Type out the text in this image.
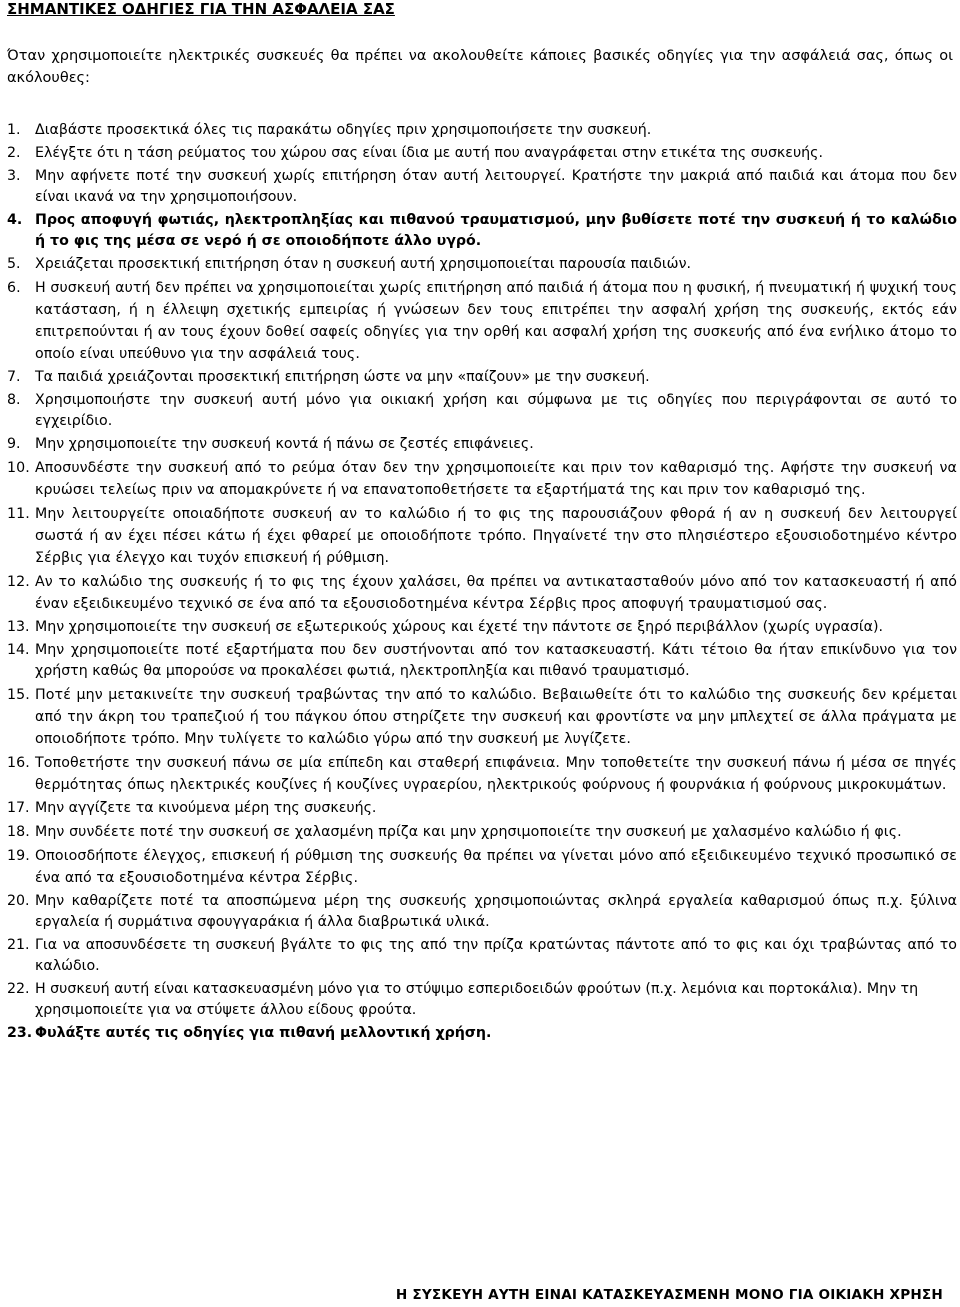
ΣΗΜΑΝΤΙΚΕΣ ΟΔΗΓΙΕΣ ΓΙΑ ΤΗΝ ΑΣΦΑΛΕΙΑ ΣΑΣ
Όταν χρησιμοποιείτε ηλεκτρικές συσκευές θα πρέπει να ακολουθείτε κάποιες βασικές οδηγίες για την ασφάλειά σας, όπως οι ακόλουθες:
1. Διαβάστε προσεκτικά όλες τις παρακάτω οδηγίες πριν χρησιμοποιήσετε την συσκευή.
2. Ελέγξτε ότι η τάση ρεύματος του χώρου σας είναι ίδια με αυτή που αναγράφεται στην ετικέτα της συσκευής.
3. Μην αφήνετε ποτέ την συσκευή χωρίς επιτήρηση όταν αυτή λειτουργεί. Κρατήστε την μακριά από παιδιά και άτομα που δεν είναι ικανά να την χρησιμοποιήσουν.
4. Προς αποφυγή φωτιάς, ηλεκτροπληξίας και πιθανού τραυματισμού, μην βυθίσετε ποτέ την συσκευή ή το καλώδιο ή το φις της μέσα σε νερό ή σε οποιοδήποτε άλλο υγρό.
5. Χρειάζεται προσεκτική επιτήρηση όταν η συσκευή αυτή χρησιμοποιείται παρουσία παιδιών.
6. Η συσκευή αυτή δεν πρέπει να χρησιμοποιείται χωρίς επιτήρηση από παιδιά ή άτομα που η φυσική, ή πνευματική ή ψυχική τους κατάσταση, ή η έλλειψη σχετικής εμπειρίας ή γνώσεων δεν τους επιτρέπει την ασφαλή χρήση της συσκευής, εκτός εάν επιτρεπούνται ή αν τους έχουν δοθεί σαφείς οδηγίες για την ορθή και ασφαλή χρήση της συσκευής από ένα ενήλικο άτομο το οποίο είναι υπεύθυνο για την ασφάλειά τους.
7. Τα παιδιά χρειάζονται προσεκτική επιτήρηση ώστε να μην «παίζουν» με την συσκευή.
8. Χρησιμοποιήστε την συσκευή αυτή μόνο για οικιακή χρήση και σύμφωνα με τις οδηγίες που περιγράφονται σε αυτό το εγχειρίδιο.
9. Μην χρησιμοποιείτε την συσκευή κοντά ή πάνω σε ζεστές επιφάνειες.
10. Αποσυνδέστε την συσκευή από το ρεύμα όταν δεν την χρησιμοποιείτε και πριν τον καθαρισμό της. Αφήστε την συσκευή να κρυώσει τελείως πριν να απομακρύνετε ή να επανατοποθετήσετε τα εξαρτήματά της και πριν τον καθαρισμό της.
11. Μην λειτουργείτε οποιαδήποτε συσκευή αν το καλώδιο ή το φις της παρουσιάζουν φθορά ή αν η συσκευή δεν λειτουργεί σωστά ή αν έχει πέσει κάτω ή έχει φθαρεί με οποιοδήποτε τρόπο. Πηγαίνετέ την στο πλησιέστερο εξουσιοδοτημένο κέντρο Σέρβις για έλεγχο και τυχόν επισκευή ή ρύθμιση.
12. Αν το καλώδιο της συσκευής ή το φις της έχουν χαλάσει, θα πρέπει να αντικατασταθούν μόνο από τον κατασκευαστή ή από έναν εξειδικευμένο τεχνικό σε ένα από τα εξουσιοδοτημένα κέντρα Σέρβις προς αποφυγή τραυματισμού σας.
13. Μην χρησιμοποιείτε την συσκευή σε εξωτερικούς χώρους και έχετέ την πάντοτε σε ξηρό περιβάλλον (χωρίς υγρασία).
14. Μην χρησιμοποιείτε ποτέ εξαρτήματα που δεν συστήνονται από τον κατασκευαστή. Κάτι τέτοιο θα ήταν επικίνδυνο για τον χρήστη καθώς θα μπορούσε να προκαλέσει φωτιά, ηλεκτροπληξία και πιθανό τραυματισμό.
15. Ποτέ μην μετακινείτε την συσκευή τραβώντας την από το καλώδιο. Βεβαιωθείτε ότι το καλώδιο της συσκευής δεν κρέμεται από την άκρη του τραπεζιού ή του πάγκου όπου στηρίζετε την συσκευή και φροντίστε να μην μπλεχτεί σε άλλα πράγματα με οποιοδήποτε τρόπο. Μην τυλίγετε το καλώδιο γύρω από την συσκευή με λυγίζετε.
16. Τοποθετήστε την συσκευή πάνω σε μία επίπεδη και σταθερή επιφάνεια. Μην τοποθετείτε την συσκευή πάνω ή μέσα σε πηγές θερμότητας όπως ηλεκτρικές κουζίνες ή κουζίνες υγραερίου, ηλεκτρικούς φούρνους ή φουρνάκια ή φούρνους μικροκυμάτων.
17. Μην αγγίζετε τα κινούμενα μέρη της συσκευής.
18. Μην συνδέετε ποτέ την συσκευή σε χαλασμένη πρίζα και μην χρησιμοποιείτε την συσκευή με χαλασμένο καλώδιο ή φις.
19. Οποιοσδήποτε έλεγχος, επισκευή ή ρύθμιση της συσκευής θα πρέπει να γίνεται μόνο από εξειδικευμένο τεχνικό προσωπικό σε ένα από τα εξουσιοδοτημένα κέντρα Σέρβις.
20. Μην καθαρίζετε ποτέ τα αποσπώμενα μέρη της συσκευής χρησιμοποιώντας σκληρά εργαλεία καθαρισμού όπως π.χ. ξύλινα εργαλεία ή συρμάτινα σφουγγαράκια ή άλλα διαβρωτικά υλικά.
21. Για να αποσυνδέσετε τη συσκευή βγάλτε το φις της από την πρίζα κρατώντας πάντοτε από το φις και όχι τραβώντας από το καλώδιο.
22. Η συσκευή αυτή είναι κατασκευασμένη μόνο για το στύψιμο εσπεριδοειδών φρούτων (π.χ. λεμόνια και πορτοκάλια). Μην τη χρησιμοποιείτε για να στύψετε άλλου είδους φρούτα.
23. Φυλάξτε αυτές τις οδηγίες για πιθανή μελλοντική χρήση.
Η ΣΥΣΚΕΥΗ ΑΥΤΗ ΕΙΝΑΙ ΚΑΤΑΣΚΕΥΑΣΜΕΝΗ ΜΟΝΟ ΓΙΑ ΟΙΚΙΑΚΗ ΧΡΗΣΗ
